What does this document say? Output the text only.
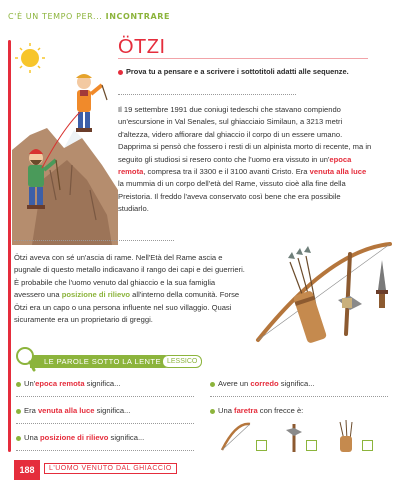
C'È UN TEMPO PER... INCONTRARE
ÖTZI
Prova tu a pensare e a scrivere i sottotitoli adatti alle sequenze.
Il 19 settembre 1991 due coniugi tedeschi che stavano compiendo un'escursione in Val Senales, sul ghiacciaio Similaun, a 3213 metri d'altezza, videro affiorare dal ghiaccio il corpo di un essere umano. Dapprima si pensò che fossero i resti di un alpinista morto di recente, ma in seguito gli studiosi si resero conto che l'uomo era vissuto in un'epoca remota, compresa tra il 3300 e il 3100 avanti Cristo. Era venuta alla luce la mummia di un corpo dell'età del Rame, vissuto cioè alla fine della Preistoria. Il freddo l'aveva conservato così bene che era possibile studiarlo.
Ötzi aveva con sé un'ascia di rame. Nell'Età del Rame ascia e pugnale di questo metallo indicavano il rango dei capi e dei guerrieri. È probabile che l'uomo venuto dal ghiaccio e la sua famiglia avessero una posizione di rilievo all'interno della comunità. Forse Ötzi era un capo o una persona influente nel suo villaggio. Quasi sicuramente era un proprietario di greggi.
LE PAROLE SOTTO LA LENTE LESSICO
Un'epoca remota significa...
Era venuta alla luce significa...
Una posizione di rilievo significa...
Avere un corredo significa...
Una faretra con frecce è:
188	L'UOMO VENUTO DAL GHIACCIO
